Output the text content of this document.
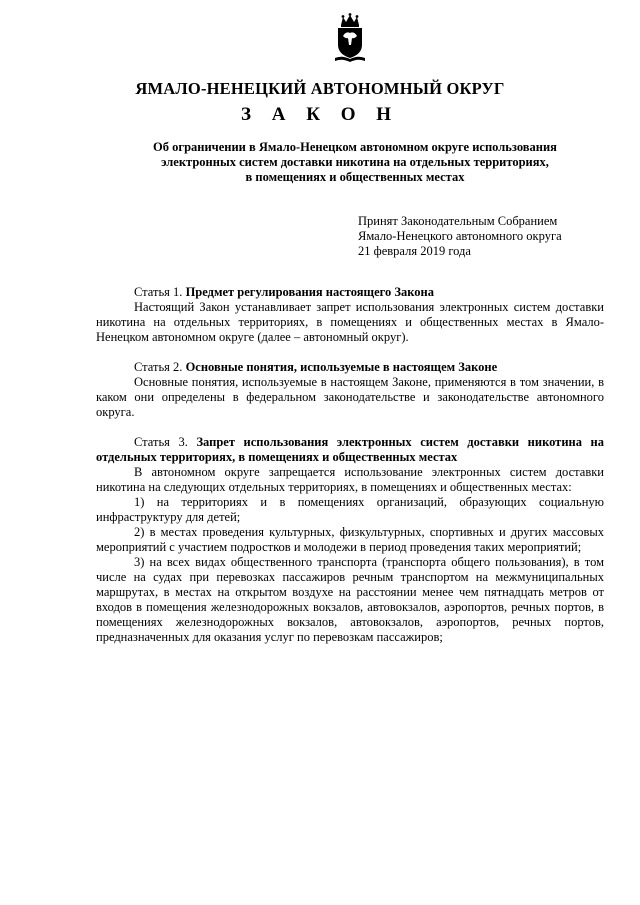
ЯМАЛО-НЕНЕЦКИЙ АВТОНОМНЫЙ ОКРУГ
З А К О Н
Об ограничении в Ямало-Ненецком автономном округе использования
электронных систем доставки никотина на отдельных территориях,
в помещениях и общественных местах
Принят Законодательным Собранием
Ямало-Ненецкого автономного округа
21 февраля 2019 года
Статья 1. Предмет регулирования настоящего Закона

Настоящий Закон устанавливает запрет использования электронных систем доставки никотина на отдельных территориях, в помещениях и общественных местах в Ямало-Ненецком автономном округе (далее – автономный округ).

Статья 2. Основные понятия, используемые в настоящем Законе

Основные понятия, используемые в настоящем Законе, применяются в том значении, в каком они определены в федеральном законодательстве и законодательстве автономного округа.

Статья 3. Запрет использования электронных систем доставки никотина на отдельных территориях, в помещениях и общественных местах

В автономном округе запрещается использование электронных систем доставки никотина на следующих отдельных территориях, в помещениях и общественных местах:

1) на территориях и в помещениях организаций, образующих социальную инфраструктуру для детей;

2) в местах проведения культурных, физкультурных, спортивных и других массовых мероприятий с участием подростков и молодежи в период проведения таких мероприятий;

3) на всех видах общественного транспорта (транспорта общего пользования), в том числе на судах при перевозках пассажиров речным транспортом на межмуниципальных маршрутах, в местах на открытом воздухе на расстоянии менее чем пятнадцать метров от входов в помещения железнодорожных вокзалов, автовокзалов, аэропортов, речных портов, в помещениях железнодорожных вокзалов, автовокзалов, аэропортов, речных портов, предназначенных для оказания услуг по перевозкам пассажиров;
